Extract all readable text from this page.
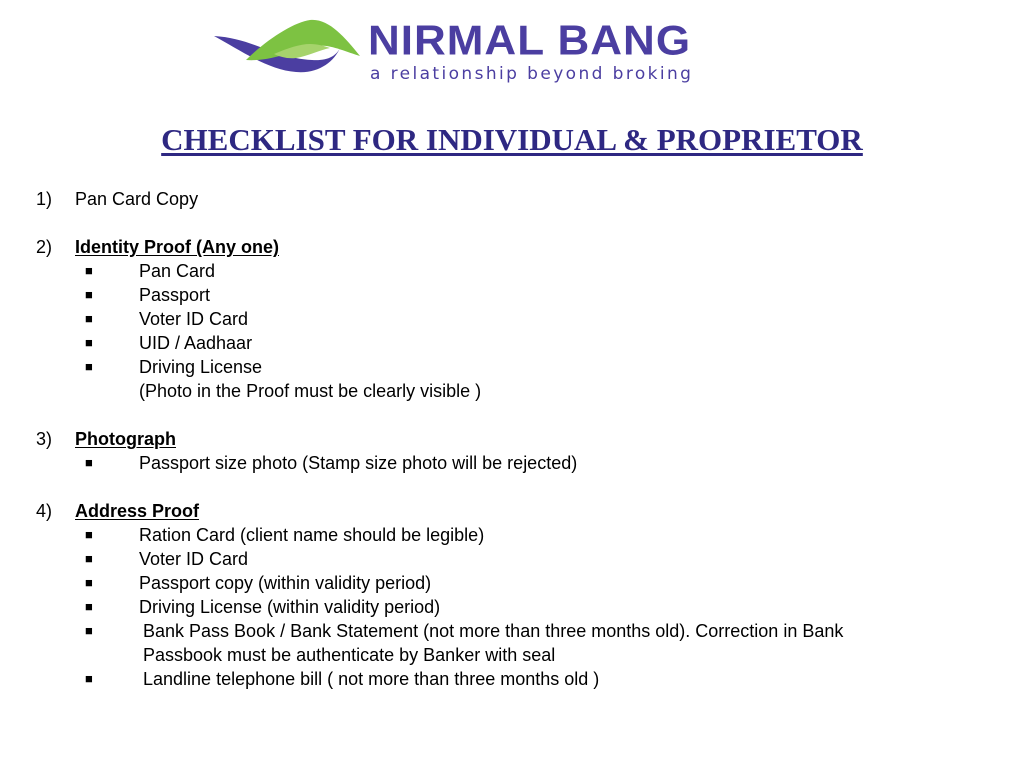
NIRMAL BANG
a relationship beyond broking
CHECKLIST FOR INDIVIDUAL & PROPRIETOR
1) Pan Card Copy
2) Identity Proof (Any one)
■	Pan Card
■	Passport
■	Voter ID Card
■	UID / Aadhaar
■	Driving License
(Photo in the Proof must be clearly visible )
3) Photograph
■	Passport size photo (Stamp size photo will be rejected)
4) Address Proof
■	Ration Card (client name should be legible)
■	Voter ID Card
■	Passport copy (within validity period)
■	Driving License (within validity period)
■	Bank Pass Book / Bank Statement (not more than three months old). Correction in Bank
Passbook must be authenticate by Banker with seal
■	Landline telephone bill ( not more than three months old )
